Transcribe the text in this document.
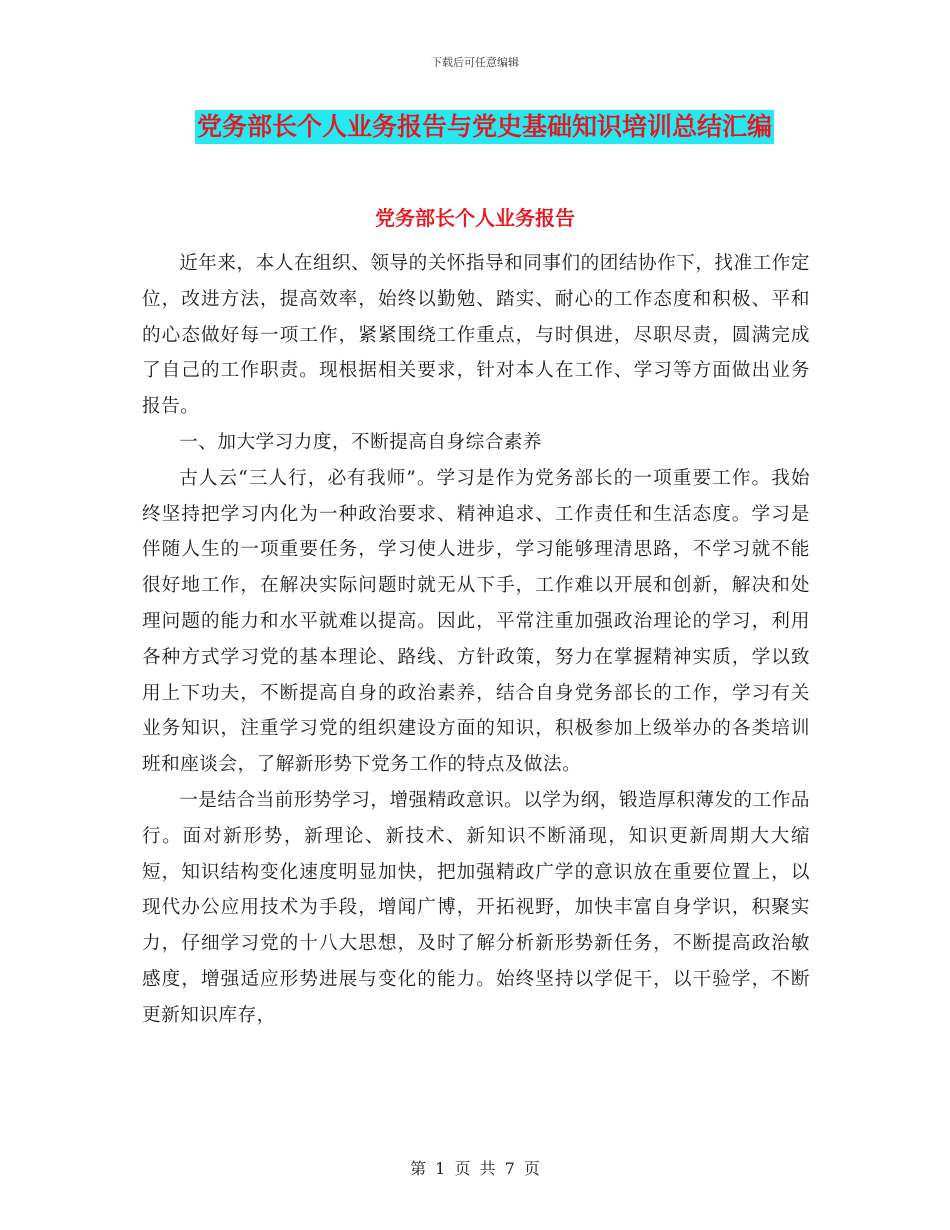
下载后可任意编辑
党务部长个人业务报告与党史基础知识培训总结汇编
党务部长个人业务报告

近年来，本人在组织、领导的关怀指导和同事们的团结协作下，找准工作定位，改进方法，提高效率，始终以勤勉、踏实、耐心的工作态度和积极、平和的心态做好每一项工作，紧紧围绕工作重点，与时俱进，尽职尽责，圆满完成了自己的工作职责。现根据相关要求，针对本人在工作、学习等方面做出业务报告。

一、加大学习力度，不断提高自身综合素养

古人云“三人行，必有我师”。学习是作为党务部长的一项重要工作。我始终坚持把学习内化为一种政治要求、精神追求、工作责任和生活态度。学习是伴随人生的一项重要任务，学习使人进步，学习能够理清思路，不学习就不能很好地工作，在解决实际问题时就无从下手，工作难以开展和创新，解决和处理问题的能力和水平就难以提高。因此，平常注重加强政治理论的学习，利用各种方式学习党的基本理论、路线、方针政策，努力在掌握精神实质，学以致用上下功夫，不断提高自身的政治素养，结合自身党务部长的工作，学习有关业务知识，注重学习党的组织建设方面的知识，积极参加上级举办的各类培训班和座谈会，了解新形势下党务工作的特点及做法。

一是结合当前形势学习，增强精政意识。以学为纲，锻造厚积薄发的工作品行。面对新形势，新理论、新技术、新知识不断涌现，知识更新周期大大缩短，知识结构变化速度明显加快，把加强精政广学的意识放在重要位置上，以现代办公应用技术为手段，增闻广博，开拓视野，加快丰富自身学识，积聚实力，仔细学习党的十八大思想，及时了解分析新形势新任务，不断提高政治敏感度，增强适应形势进展与变化的能力。始终坚持以学促干，以干验学，不断更新知识库存，

第 1 页 共 7 页
